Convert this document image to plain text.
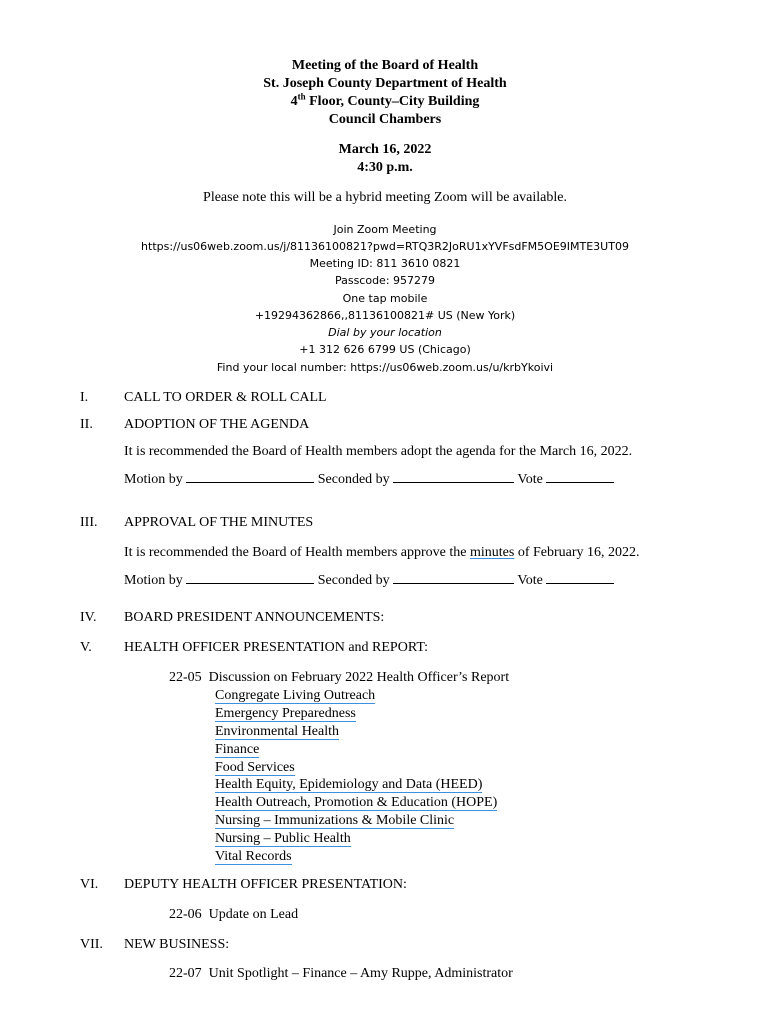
Meeting of the Board of Health
St. Joseph County Department of Health
4th Floor, County–City Building
Council Chambers
March 16, 2022
4:30 p.m.
Please note this will be a hybrid meeting Zoom will be available.
Join Zoom Meeting
https://us06web.zoom.us/j/81136100821?pwd=RTQ3R2JoRU1xYVFsdFM5OE9IMTE3UT09
Meeting ID: 811 3610 0821
Passcode: 957279
One tap mobile
+19294362866,,81136100821# US (New York)
Dial by your location
+1 312 626 6799 US (Chicago)
Find your local number: https://us06web.zoom.us/u/krbYkoivi
I.	CALL TO ORDER & ROLL CALL
II. ADOPTION OF THE AGENDA
It is recommended the Board of Health members adopt the agenda for the March 16, 2022.
Motion by	Seconded by	Vote
III. APPROVAL OF THE MINUTES
It is recommended the Board of Health members approve the minutes of February 16, 2022.
Motion by	Seconded by	Vote
IV. BOARD PRESIDENT ANNOUNCEMENTS:
V. HEALTH OFFICER PRESENTATION and REPORT:
22-05 Discussion on February 2022 Health Officer’s Report
Congregate Living Outreach
Emergency Preparedness
Environmental Health
Finance
Food Services
Health Equity, Epidemiology and Data (HEED)
Health Outreach, Promotion & Education (HOPE)
Nursing – Immunizations & Mobile Clinic
Nursing – Public Health
Vital Records
VI. DEPUTY HEALTH OFFICER PRESENTATION:
22-06 Update on Lead
VII. NEW BUSINESS:
22-07 Unit Spotlight – Finance – Amy Ruppe, Administrator
